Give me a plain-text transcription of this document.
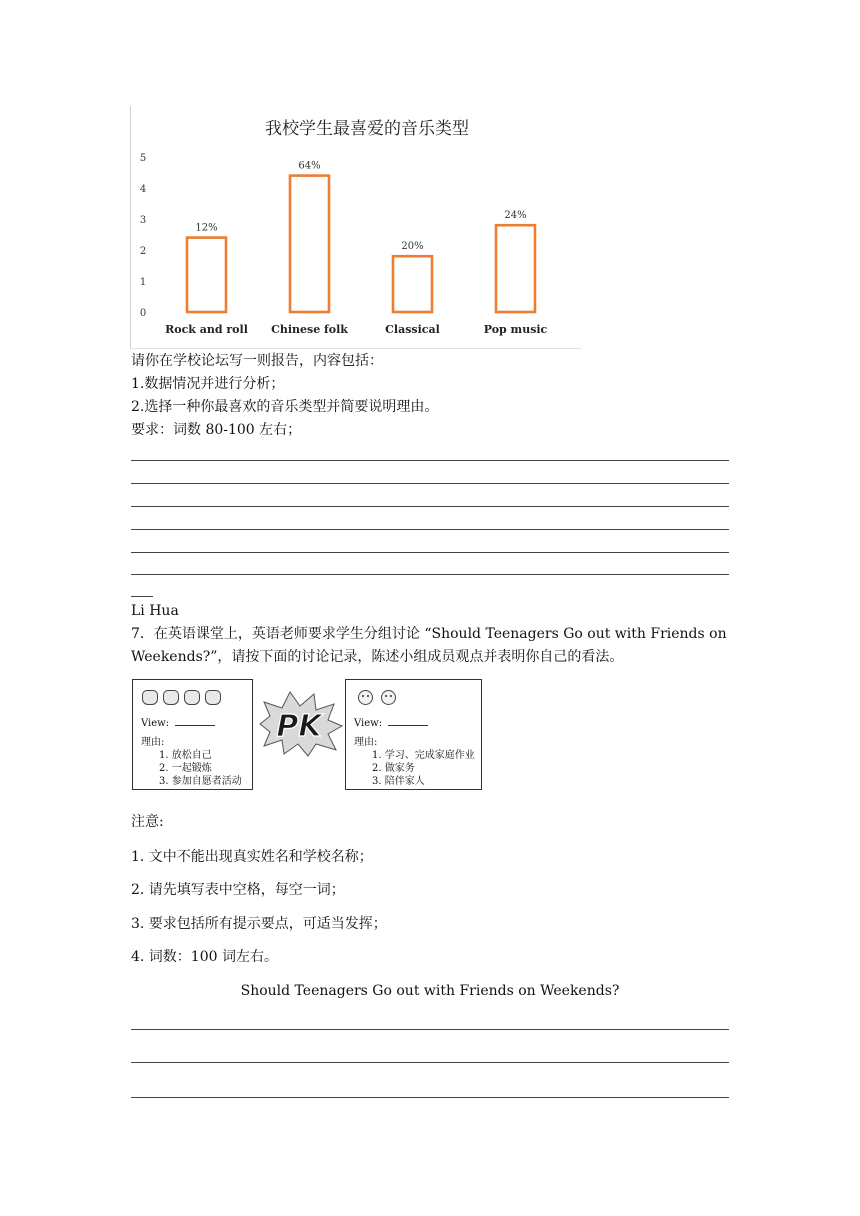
我校学生最喜爱的音乐类型
0
1
2
3
4
5
12%
64%
20%
24%
Rock and roll Chinese folk	Classical	Pop music
请你在学校论坛写一则报告，内容包括：
1.数据情况并进行分析；
2.选择一种你最喜欢的音乐类型并简要说明理由。
要求：词数 80-100 左右；
Li Hua
7．在英语课堂上，英语老师要求学生分组讨论 “Should Teenagers Go out with Friends on
Weekends?”，请按下面的讨论记录，陈述小组成员观点并表明你自己的看法。
View:
理由:
1. 放松自己
2. 一起锻炼
3. 参加自愿者活动
PK	View:
理由:
1. 学习、完成家庭作业
2. 做家务
3. 陪伴家人
注意:
1. 文中不能出现真实姓名和学校名称；
2. 请先填写表中空格，每空一词；
3. 要求包括所有提示要点，可适当发挥；
4. 词数：100 词左右。
Should Teenagers Go out with Friends on Weekends?
